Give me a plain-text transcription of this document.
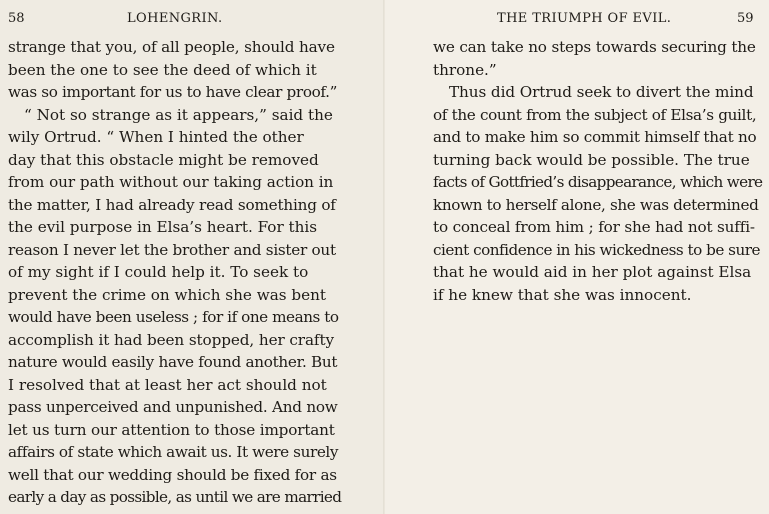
58	LOHENGRIN.
strange that you, of all people, should have
been the one to see the deed of which it
was so important for us to have clear proof.”
“ Not so strange as it appears,” said the
wily Ortrud. “ When I hinted the other
day that this obstacle might be removed
from our path without our taking action in
the matter, I had already read something of
the evil purpose in Elsa’s heart. For this
reason I never let the brother and sister out
of my sight if I could help it. To seek to
prevent the crime on which she was bent
would have been useless ; for if one means to
accomplish it had been stopped, her crafty
nature would easily have found another. But
I resolved that at least her act should not
pass unperceived and unpunished. And now
let us turn our attention to those important
affairs of state which await us. It were surely
well that our wedding should be fixed for as
early a day as possible, as until we are married
THE TRIUMPH OF EVIL.	59
we can take no steps towards securing the
throne.”
Thus did Ortrud seek to divert the mind
of the count from the subject of Elsa’s guilt,
and to make him so commit himself that no
turning back would be possible. The true
facts of Gottfried’s disappearance, which were
known to herself alone, she was determined
to conceal from him ; for she had not suffi-
cient confidence in his wickedness to be sure
that he would aid in her plot against Elsa
if he knew that she was innocent.
